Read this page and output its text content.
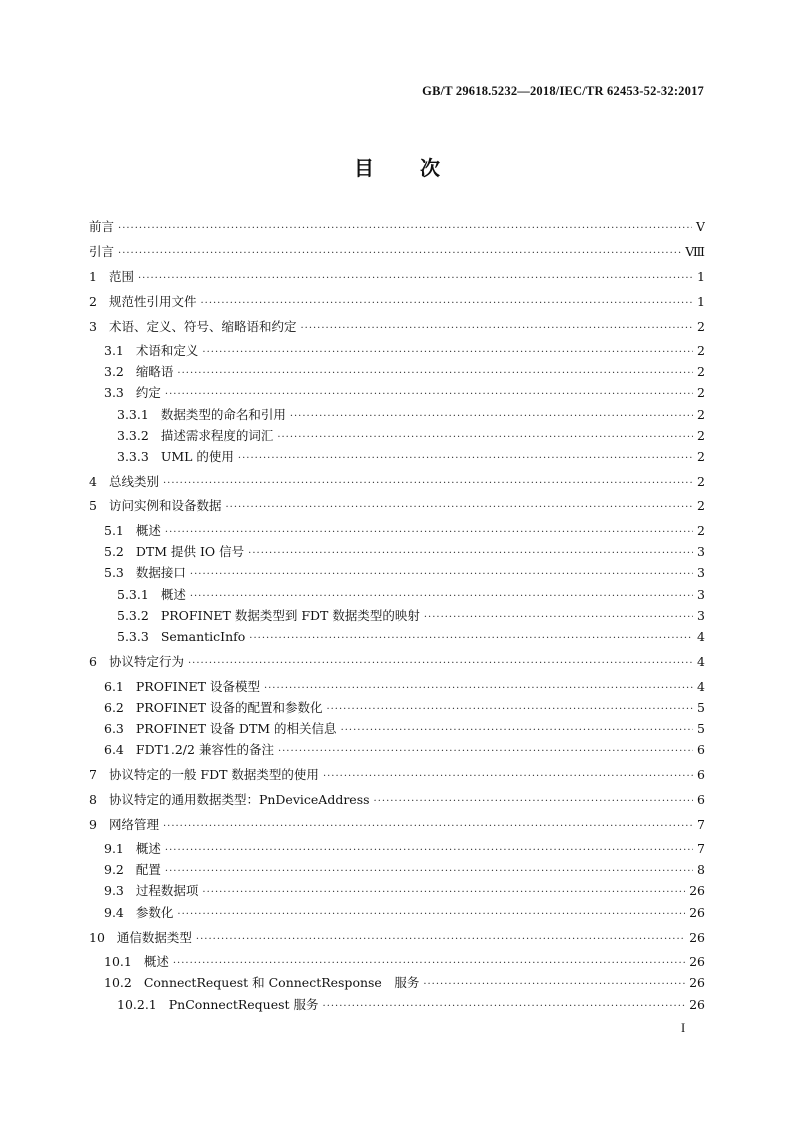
GB/T 29618.5232—2018/IEC/TR 62453-52-32:2017
目 次
前言 ·····	Ⅴ
引言 ·····	Ⅷ
1 范围 ·····	1
2 规范性引用文件 ·····	1
3 术语、定义、符号、缩略语和约定 ·····	2
3.1 术语和定义 ·····	2
3.2 缩略语 ·····	2
3.3 约定 ·····	2
3.3.1 数据类型的命名和引用 ·····	2
3.3.2 描述需求程度的词汇 ·····	2
3.3.3 UML 的使用 ·····	2
4 总线类别 ·····	2
5 访问实例和设备数据 ·····	2
5.1 概述 ·····	2
5.2 DTM 提供 IO 信号 ·····	3
5.3 数据接口 ·····	3
5.3.1 概述 ·····	3
5.3.2 PROFINET 数据类型到 FDT 数据类型的映射 ·····	3
5.3.3 SemanticInfo ·····	4
6 协议特定行为 ·····	4
6.1 PROFINET 设备模型 ·····	4
6.2 PROFINET 设备的配置和参数化 ·····	5
6.3 PROFINET 设备 DTM 的相关信息 ·····	5
6.4 FDT1.2/2 兼容性的备注 ·····	6
7 协议特定的一般 FDT 数据类型的使用 ·····	6
8 协议特定的通用数据类型：PnDeviceAddress ·····	6
9 网络管理 ·····	7
9.1 概述 ·····	7
9.2 配置 ·····	8
9.3 过程数据项 ·····	26
9.4 参数化 ·····	26
10 通信数据类型 ·····	26
10.1 概述 ·····	26
10.2 ConnectRequest 和 ConnectResponse　服务 ·····	26
10.2.1 PnConnectRequest 服务 ·····	26
I
